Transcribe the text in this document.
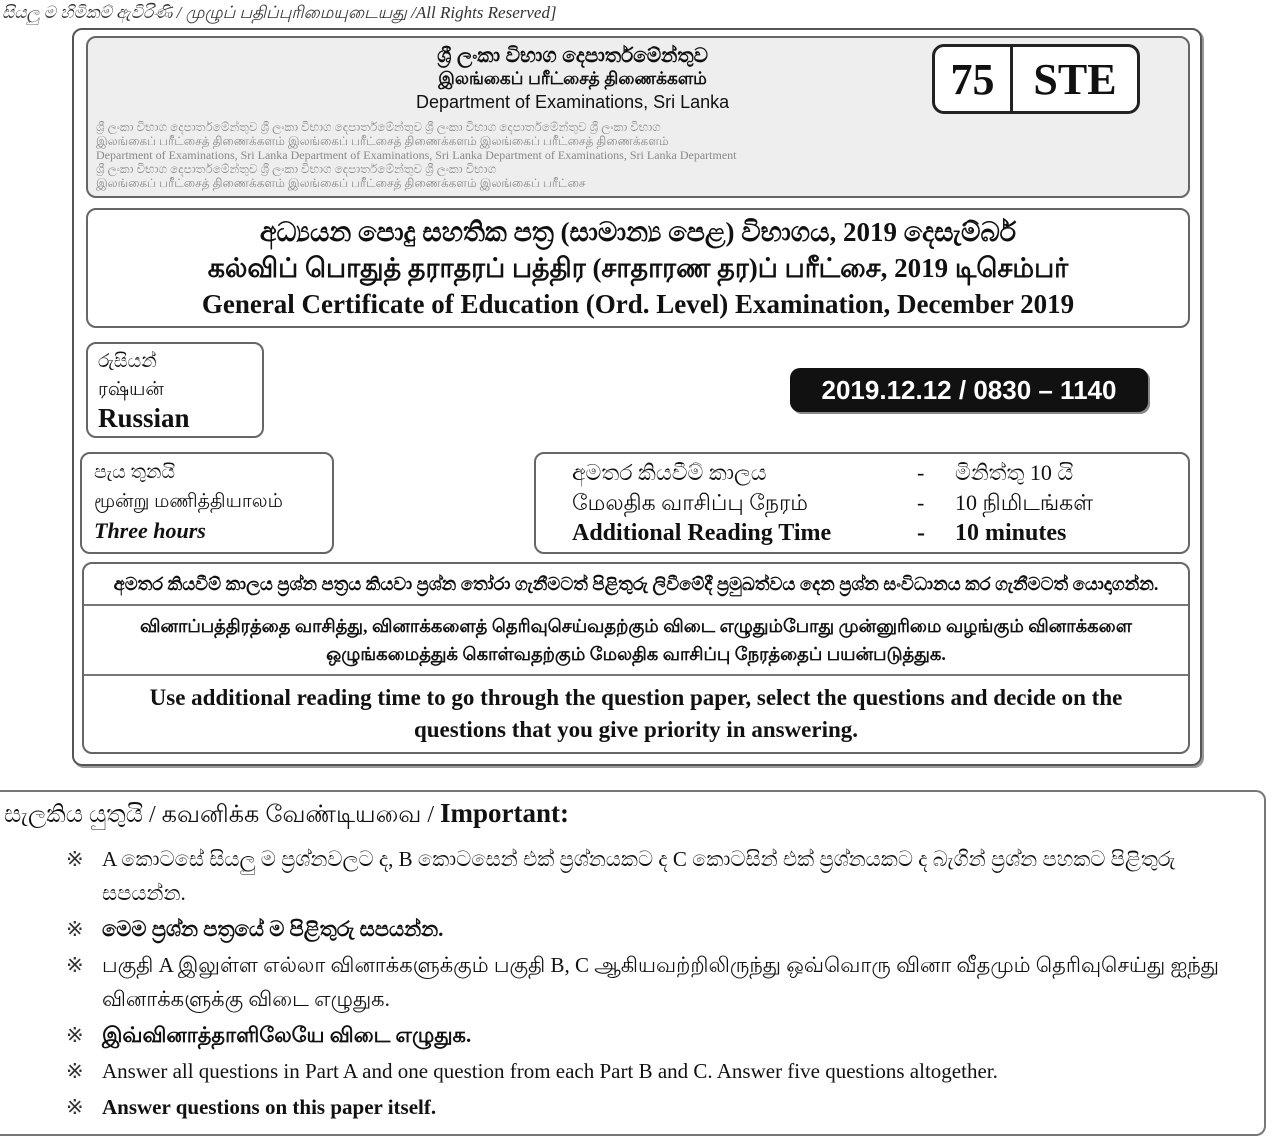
සියලු ම හිමිකම් ඇවිරිණි / முழுப் பதிப்புரிமையுடையது /All Rights Reserved]
ශ්‍රී ලංකා විභාග දෙපාර්තමේන්තුව
இலங்கைப் பரீட்சைத் திணைக்களம்
Department of Examinations, Sri Lanka	75 STE
ශ්‍රී ලංකා විභාග දෙපාර්තමේන්තුව ශ්‍රී ලංකා විභාග දෙපාර්තමේන්තුව ශ්‍රී ලංකා විභාග දෙපාර්තමේන්තුව ශ්‍රී ලංකා විභාග
இலங்கைப் பரீட்சைத் திணைக்களம் இலங்கைப் பரீட்சைத் திணைக்களம் இலங்கைப் பரீட்சைத் திணைக்களம்
Department of Examinations, Sri Lanka Department of Examinations, Sri Lanka Department of Examinations, Sri Lanka Department
ශ්‍රී ලංකා විභාග දෙපාර්තමේන්තුව ශ්‍රී ලංකා විභාග දෙපාර්තමේන්තුව ශ්‍රී ලංකා විභාග
இலங்கைப் பரீட்சைத் திணைக்களம் இலங்கைப் பரீட்சைத் திணைக்களம் இலங்கைப் பரீட்சை
අධ්‍යයන පොදු සහතික පත්‍ර (සාමාන්‍ය පෙළ) විභාගය, 2019 දෙසැම්බර්
கல்விப் பொதுத் தராதரப் பத்திர (சாதாரண தர)ப் பரீட்சை, 2019 டிசெம்பர்
General Certificate of Education (Ord. Level) Examination, December 2019
රුසියන්
ரஷ்யன்
Russian
2019.12.12 / 0830 – 1140
පැය තුනයි
மூன்று மணித்தியாலம்
Three hours
අමතර කියවීම් කාලය	-	මිනිත්තු 10 යි
மேலதிக வாசிப்பு நேரம்	-	10 நிமிடங்கள்
Additional Reading Time	-	10 minutes
අමතර කියවීම් කාලය ප්‍රශ්න පත්‍රය කියවා ප්‍රශ්න තෝරා ගැනීමටත් පිළිතුරු ලිවීමේදී ප්‍රමුඛත්වය දෙන ප්‍රශ්න සංවිධානය කර ගැනීමටත් යොදාගන්න.
வினாப்பத்திரத்தை வாசித்து, வினாக்களைத் தெரிவுசெய்வதற்கும் விடை எழுதும்போது முன்னுரிமை வழங்கும் வினாக்களை ஒழுங்கமைத்துக் கொள்வதற்கும் மேலதிக வாசிப்பு நேரத்தைப் பயன்படுத்துக.
Use additional reading time to go through the question paper, select the questions and decide on the questions that you give priority in answering.
සැලකිය යුතුයි / கவனிக்க வேண்டியவை / Important:
※ A කොටසේ සියලු ම ප්‍රශ්නවලට ද, B කොටසෙන් එක් ප්‍රශ්නයකට ද C කොටසින් එක් ප්‍රශ්නයකට ද බැගින් ප්‍රශ්න පහකට පිළිතුරු සපයන්න.
※ මෙම ප්‍රශ්න පත්‍රයේ ම පිළිතුරු සපයන්න.
※ பகுதி A இலுள்ள எல்லா வினாக்களுக்கும் பகுதி B, C ஆகியவற்றிலிருந்து ஒவ்வொரு வினா வீதமும் தெரிவுசெய்து ஐந்து வினாக்களுக்கு விடை எழுதுக.
※ இவ்வினாத்தாளிலேயே விடை எழுதுக.
※ Answer all questions in Part A and one question from each Part B and C. Answer five questions altogether.
※ Answer questions on this paper itself.
